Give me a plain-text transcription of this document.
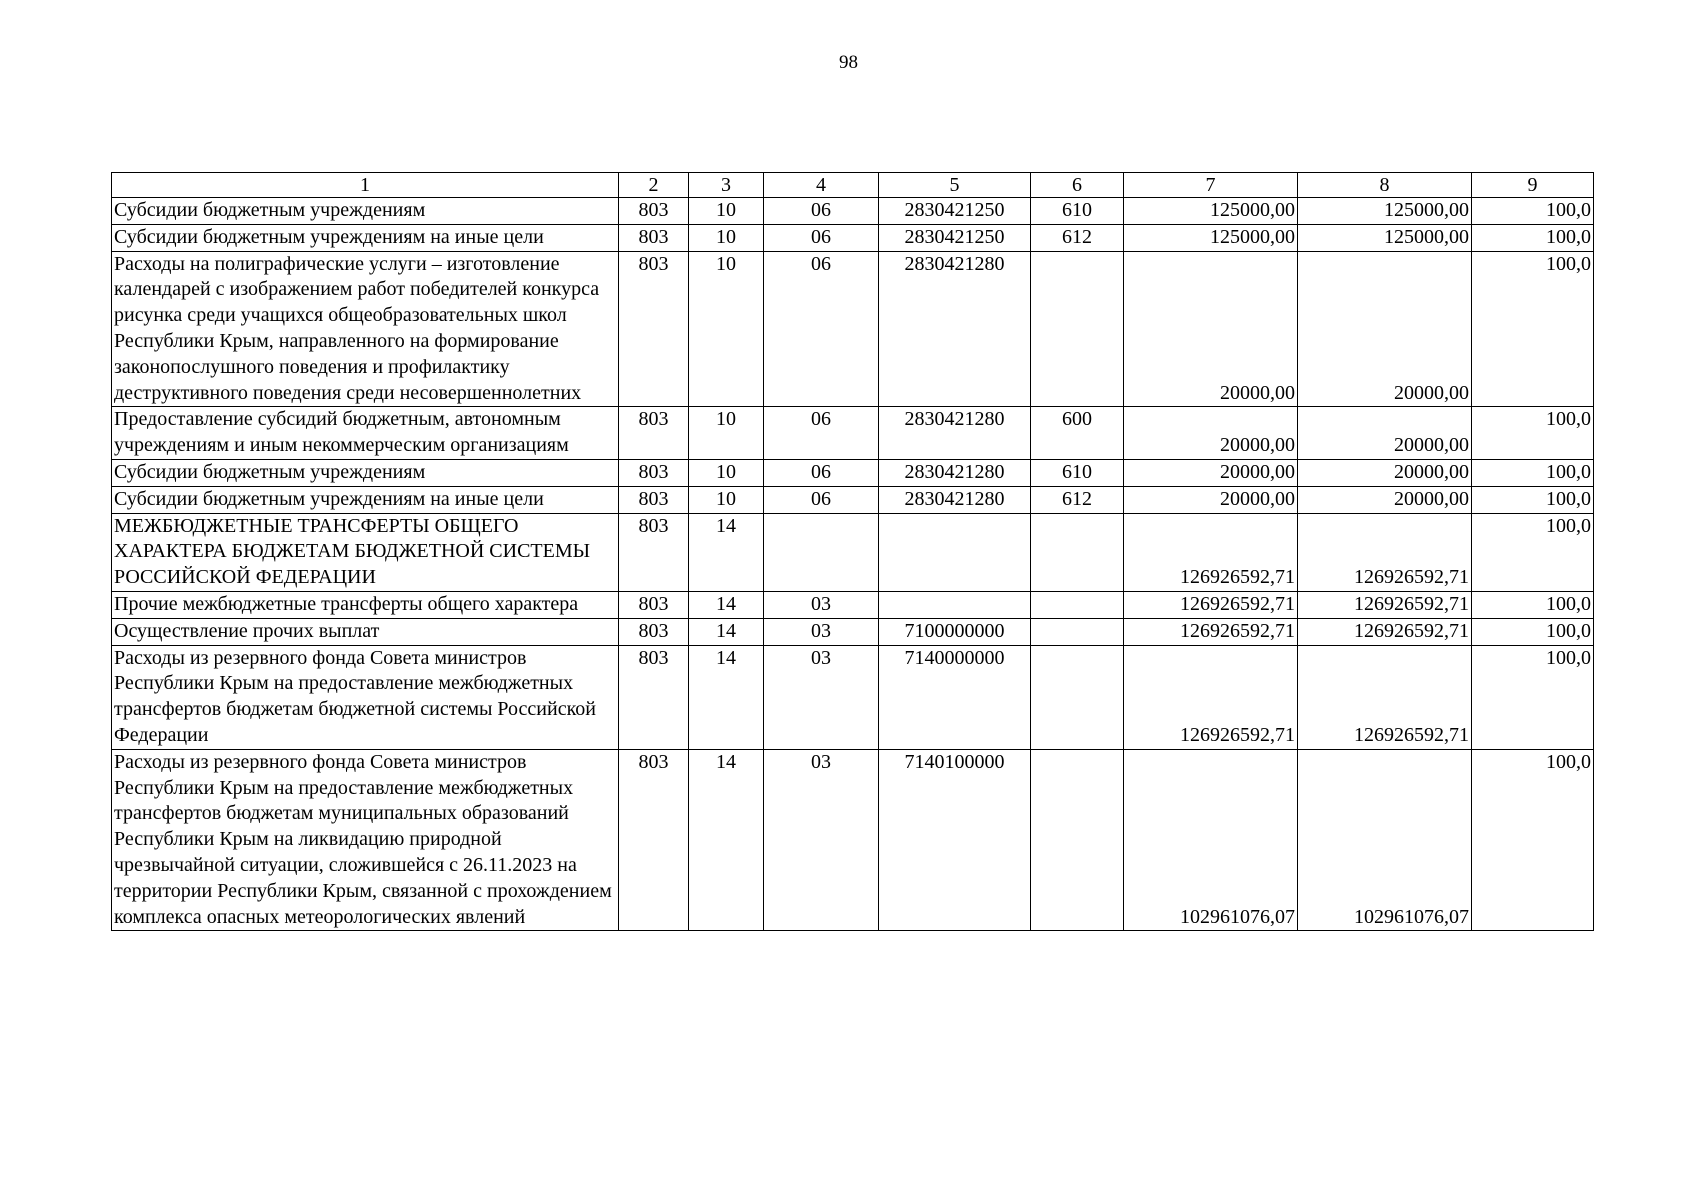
98
1	2	3	4	5	6	7	8	9
Субсидии бюджетным учреждениям	803	10	06	2830421250	610	125000,00	125000,00	100,0
Субсидии бюджетным учреждениям на иные цели	803	10	06	2830421250	612	125000,00	125000,00	100,0
Расходы на полиграфические услуги – изготовление календарей с изображением работ победителей конкурса рисунка среди учащихся общеобразовательных школ Республики Крым, направленного на формирование законопослушного поведения и профилактику деструктивного поведения среди несовершеннолетних	803	10	06	2830421280		20000,00	20000,00	100,0
Предоставление субсидий бюджетным, автономным учреждениям и иным некоммерческим организациям	803	10	06	2830421280	600	20000,00	20000,00	100,0
Субсидии бюджетным учреждениям	803	10	06	2830421280	610	20000,00	20000,00	100,0
Субсидии бюджетным учреждениям на иные цели	803	10	06	2830421280	612	20000,00	20000,00	100,0
МЕЖБЮДЖЕТНЫЕ ТРАНСФЕРТЫ ОБЩЕГО ХАРАКТЕРА БЮДЖЕТАМ БЮДЖЕТНОЙ СИСТЕМЫ РОССИЙСКОЙ ФЕДЕРАЦИИ	803	14				126926592,71	126926592,71	100,0
Прочие межбюджетные трансферты общего характера	803	14	03			126926592,71	126926592,71	100,0
Осуществление прочих выплат	803	14	03	7100000000		126926592,71	126926592,71	100,0
Расходы из резервного фонда Совета министров Республики Крым на предоставление межбюджетных трансфертов бюджетам бюджетной системы Российской Федерации	803	14	03	7140000000		126926592,71	126926592,71	100,0
Расходы из резервного фонда Совета министров Республики Крым на предоставление межбюджетных трансфертов бюджетам муниципальных образований Республики Крым на ликвидацию природной чрезвычайной ситуации, сложившейся с 26.11.2023 на территории Республики Крым, связанной с прохождением комплекса опасных метеорологических явлений	803	14	03	7140100000		102961076,07	102961076,07	100,0
